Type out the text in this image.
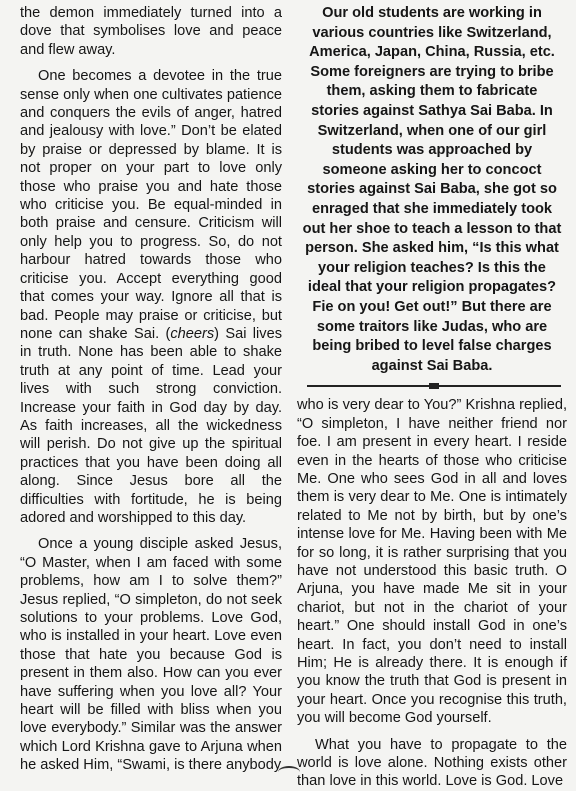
the demon immediately turned into a dove that symbolises love and peace and flew away.

One becomes a devotee in the true sense only when one cultivates patience and conquers the evils of anger, hatred and jealousy with love.” Don’t be elated by praise or depressed by blame. It is not proper on your part to love only those who praise you and hate those who criticise you. Be equal-minded in both praise and censure. Criticism will only help you to progress. So, do not harbour hatred towards those who criticise you. Accept everything good that comes your way. Ignore all that is bad. People may praise or criticise, but none can shake Sai. (cheers) Sai lives in truth. None has been able to shake truth at any point of time. Lead your lives with such strong conviction. Increase your faith in God day by day. As faith increases, all the wickedness will perish. Do not give up the spiritual practices that you have been doing all along. Since Jesus bore all the difficulties with fortitude, he is being adored and worshipped to this day.

Once a young disciple asked Jesus, “O Master, when I am faced with some problems, how am I to solve them?” Jesus replied, “O simpleton, do not seek solutions to your problems. Love God, who is installed in your heart. Love even those that hate you because God is present in them also. How can you ever have suffering when you love all? Your heart will be filled with bliss when you love everybody.” Similar was the answer which Lord Krishna gave to Arjuna when he asked Him, “Swami, is there anybody

Our old students are working in various countries like Switzerland, America, Japan, China, Russia, etc. Some foreigners are trying to bribe them, asking them to fabricate stories against Sathya Sai Baba. In Switzerland, when one of our girl students was approached by someone asking her to concoct stories against Sai Baba, she got so enraged that she immediately took out her shoe to teach a lesson to that person. She asked him, “Is this what your religion teaches? Is this the ideal that your religion propagates? Fie on you! Get out!” But there are some traitors like Judas, who are being bribed to level false charges against Sai Baba.

who is very dear to You?” Krishna replied, “O simpleton, I have neither friend nor foe. I am present in every heart. I reside even in the hearts of those who criticise Me. One who sees God in all and loves them is very dear to Me. One is intimately related to Me not by birth, but by one’s intense love for Me. Having been with Me for so long, it is rather surprising that you have not understood this basic truth. O Arjuna, you have made Me sit in your chariot, but not in the chariot of your heart.” One should install God in one’s heart. In fact, you don’t need to install Him; He is already there. It is enough if you know the truth that God is present in your heart. Once you recognise this truth, you will become God yourself.

What you have to propagate to the world is love alone. Nothing exists other than love in this world. Love is God. Love
